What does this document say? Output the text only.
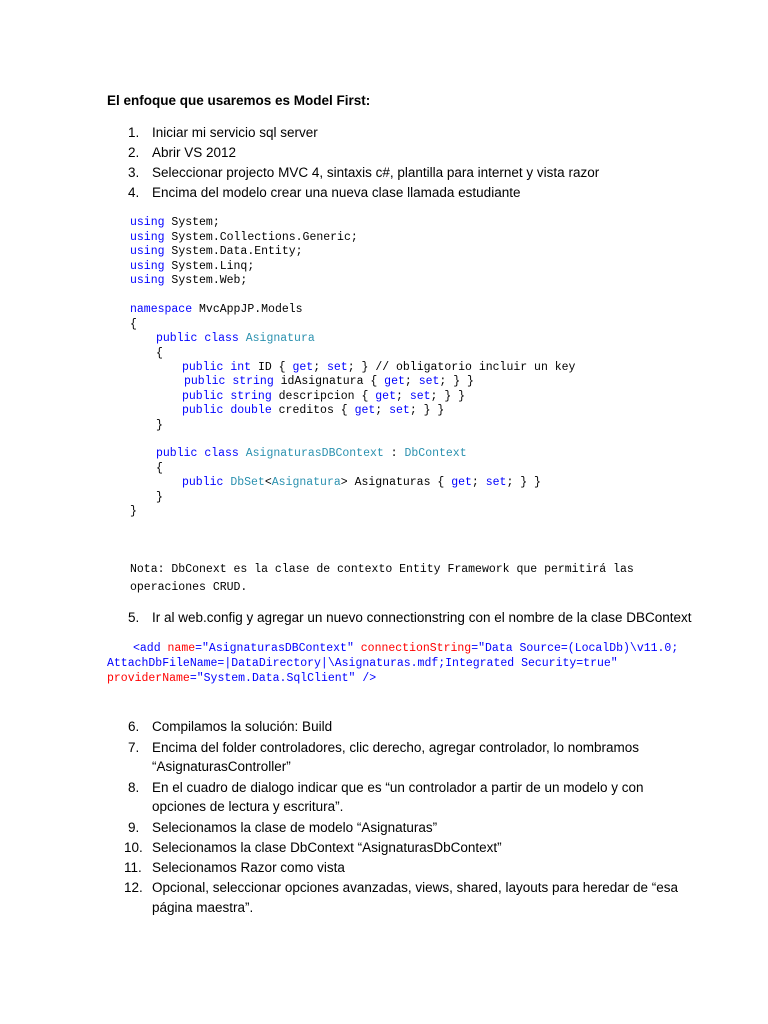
El enfoque que usaremos es Model First:
1. Iniciar mi servicio sql server
2. Abrir VS 2012
3. Seleccionar projecto MVC 4, sintaxis c#, plantilla para internet y vista razor
4. Encima del modelo crear una nueva clase llamada estudiante
using System;
using System.Collections.Generic;
using System.Data.Entity;
using System.Linq;
using System.Web;
namespace MvcAppJP.Models
{
public class Asignatura
{
public int ID { get; set; } // obligatorio incluir un key
public string idAsignatura { get; set; } }
public string descripcion { get; set; } }
public double creditos { get; set; } }
}
public class AsignaturasDBContext : DbContext
{
public DbSet<Asignatura> Asignaturas { get; set; } }
}
}
Nota: DbConext es la clase de contexto Entity Framework que permitirá las
operaciones CRUD.
5. Ir al web.config y agregar un nuevo connectionstring con el nombre de la clase DBContext
<add name="AsignaturasDBContext" connectionString="Data Source=(LocalDb)\v11.0;
AttachDbFileName=|DataDirectory|\Asignaturas.mdf;Integrated Security=true"
providerName="System.Data.SqlClient" />
6. Compilamos la solución: Build
7. Encima del folder controladores, clic derecho, agregar controlador, lo nombramos
“AsignaturasController”
8. En el cuadro de dialogo indicar que es “un controlador a partir de un modelo y con
opciones de lectura y escritura”.
9. Selecionamos la clase de modelo “Asignaturas”
10. Selecionamos la clase DbContext “AsignaturasDbContext”
11. Selecionamos Razor como vista
12. Opcional, seleccionar opciones avanzadas, views, shared, layouts para heredar de “esa
página maestra”.
